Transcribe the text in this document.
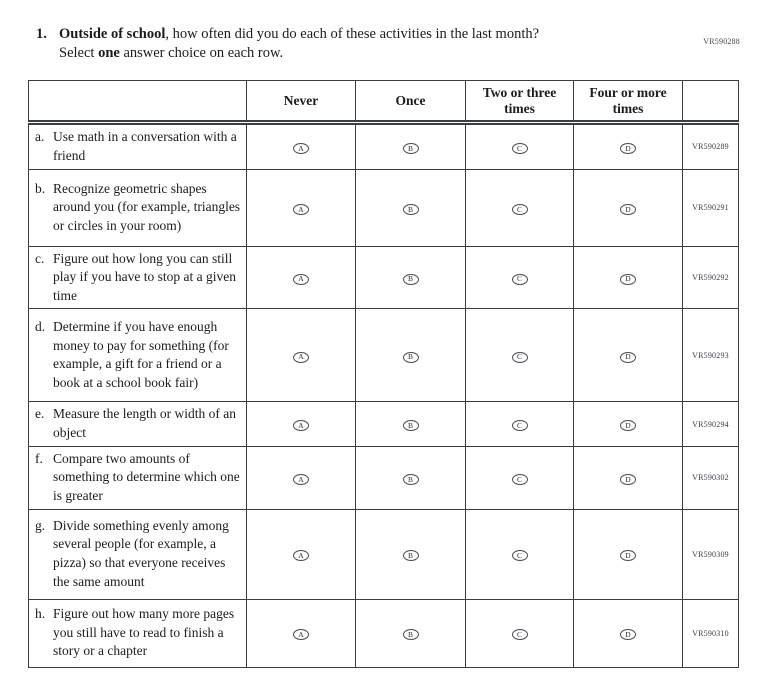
VR590288
1. Outside of school, how often did you do each of these activities in the last month?
Select one answer choice on each row.
	Never	Once	Two or three times	Four or more times	

a. Use math in a conversation with a friend	A	B	C	D	VR590289

b. Recognize geometric shapes around you (for example, triangles or circles in your room)	A	B	C	D	VR590291

c. Figure out how long you can still play if you have to stop at a given time	A	B	C	D	VR590292

d. Determine if you have enough money to pay for something (for example, a gift for a friend or a book at a school book fair)	A	B	C	D	VR590293

e. Measure the length or width of an object	A	B	C	D	VR590294

f. Compare two amounts of something to determine which one is greater	A	B	C	D	VR590302

g. Divide something evenly among several people (for example, a pizza) so that everyone receives the same amount	A	B	C	D	VR590309

h. Figure out how many more pages you still have to read to finish a story or a chapter	A	B	C	D	VR590310
